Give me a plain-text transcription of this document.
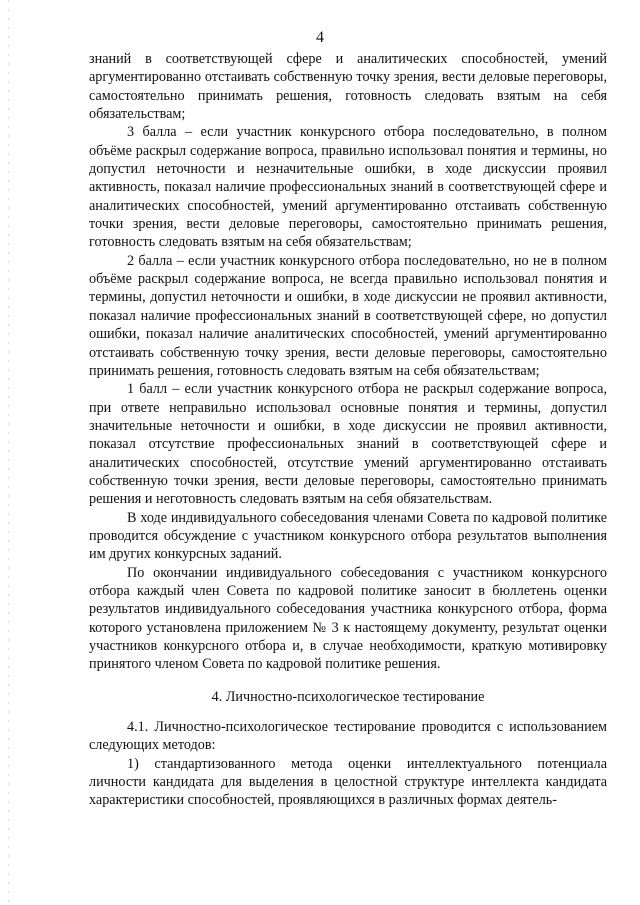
4

знаний в соответствующей сфере и аналитических способностей, умений аргументированно отстаивать собственную точку зрения, вести деловые переговоры, самостоятельно принимать решения, готовность следовать взятым на себя обязательствам;

3 балла – если участник конкурсного отбора последовательно, в полном объёме раскрыл содержание вопроса, правильно использовал понятия и термины, но допустил неточности и незначительные ошибки, в ходе дискуссии проявил активность, показал наличие профессиональных знаний в соответствующей сфере и аналитических способностей, умений аргументированно отстаивать собственную точки зрения, вести деловые переговоры, самостоятельно принимать решения, готовность следовать взятым на себя обязательствам;

2 балла – если участник конкурсного отбора последовательно, но не в полном объёме раскрыл содержание вопроса, не всегда правильно использовал понятия и термины, допустил неточности и ошибки, в ходе дискуссии не проявил активности, показал наличие профессиональных знаний в соответствующей сфере, но допустил ошибки, показал наличие аналитических способностей, умений аргументированно отстаивать собственную точку зрения, вести деловые переговоры, самостоятельно принимать решения, готовность следовать взятым на себя обязательствам;

1 балл – если участник конкурсного отбора не раскрыл содержание вопроса, при ответе неправильно использовал основные понятия и термины, допустил значительные неточности и ошибки, в ходе дискуссии не проявил активности, показал отсутствие профессиональных знаний в соответствующей сфере и аналитических способностей, отсутствие умений аргументированно отстаивать собственную точки зрения, вести деловые переговоры, самостоятельно принимать решения и неготовность следовать взятым на себя обязательствам.

В ходе индивидуального собеседования членами Совета по кадровой политике проводится обсуждение с участником конкурсного отбора результатов выполнения им других конкурсных заданий.

По окончании индивидуального собеседования с участником конкурсного отбора каждый член Совета по кадровой политике заносит в бюллетень оценки результатов индивидуального собеседования участника конкурсного отбора, форма которого установлена приложением № 3 к настоящему документу, результат оценки участников конкурсного отбора и, в случае необходимости, краткую мотивировку принятого членом Совета по кадровой политике решения.

4. Личностно-психологическое тестирование

4.1. Личностно-психологическое тестирование проводится с использованием следующих методов:

1) стандартизованного метода оценки интеллектуального потенциала личности кандидата для выделения в целостной структуре интеллекта кандидата характеристики способностей, проявляющихся в различных формах деятель-
